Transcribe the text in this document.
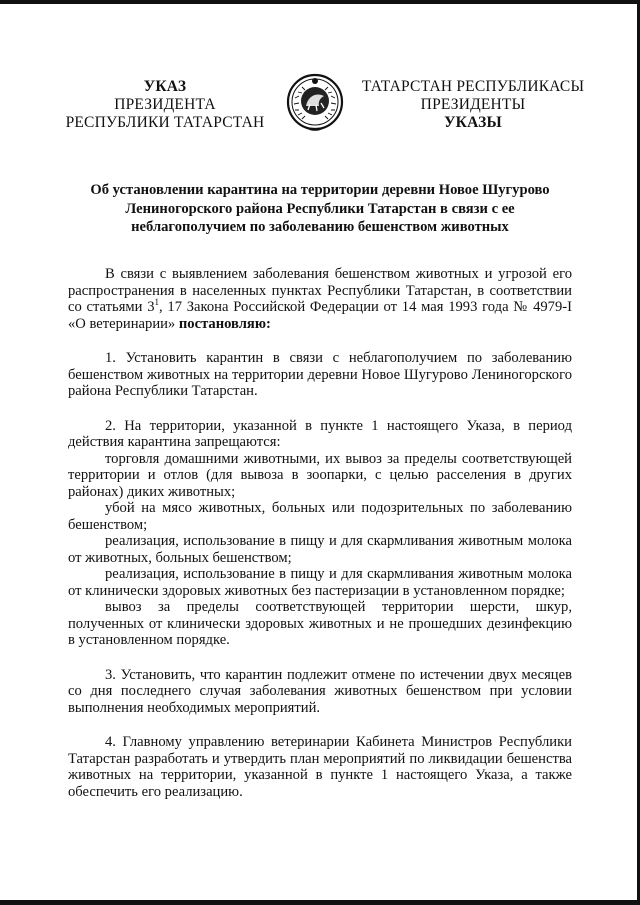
УКАЗ
ПРЕЗИДЕНТА
РЕСПУБЛИКИ ТАТАРСТАН
ТАТАРСТАН РЕСПУБЛИКАСЫ
ПРЕЗИДЕНТЫ
УКАЗЫ
Об установлении карантина на территории деревни Новое Шугурово
Лениногорского района Республики Татарстан в связи с ее
неблагополучием по заболеванию бешенством животных

В связи с выявлением заболевания бешенством животных и угрозой его распространения в населенных пунктах Республики Татарстан, в соответствии со статьями $3^1$, 17 Закона Российской Федерации от 14 мая 1993 года № 4979-I «О ветеринарии» постановляю:

1. Установить карантин в связи с неблагополучием по заболеванию бешенством животных на территории деревни Новое Шугурово Лениногорского района Республики Татарстан.

2. На территории, указанной в пункте 1 настоящего Указа, в период действия карантина запрещаются:

торговля домашними животными, их вывоз за пределы соответствующей территории и отлов (для вывоза в зоопарки, с целью расселения в других районах) диких животных;

убой на мясо животных, больных или подозрительных по заболеванию бешенством;

реализация, использование в пищу и для скармливания животным молока от животных, больных бешенством;

реализация, использование в пищу и для скармливания животным молока от клинически здоровых животных без пастеризации в установленном порядке;

вывоз за пределы соответствующей территории шерсти, шкур, полученных от клинически здоровых животных и не прошедших дезинфекцию в установленном порядке.

3. Установить, что карантин подлежит отмене по истечении двух месяцев со дня последнего случая заболевания животных бешенством при условии выполнения необходимых мероприятий.

4. Главному управлению ветеринарии Кабинета Министров Республики Татарстан разработать и утвердить план мероприятий по ликвидации бешенства животных на территории, указанной в пункте 1 настоящего Указа, а также обеспечить его реализацию.
